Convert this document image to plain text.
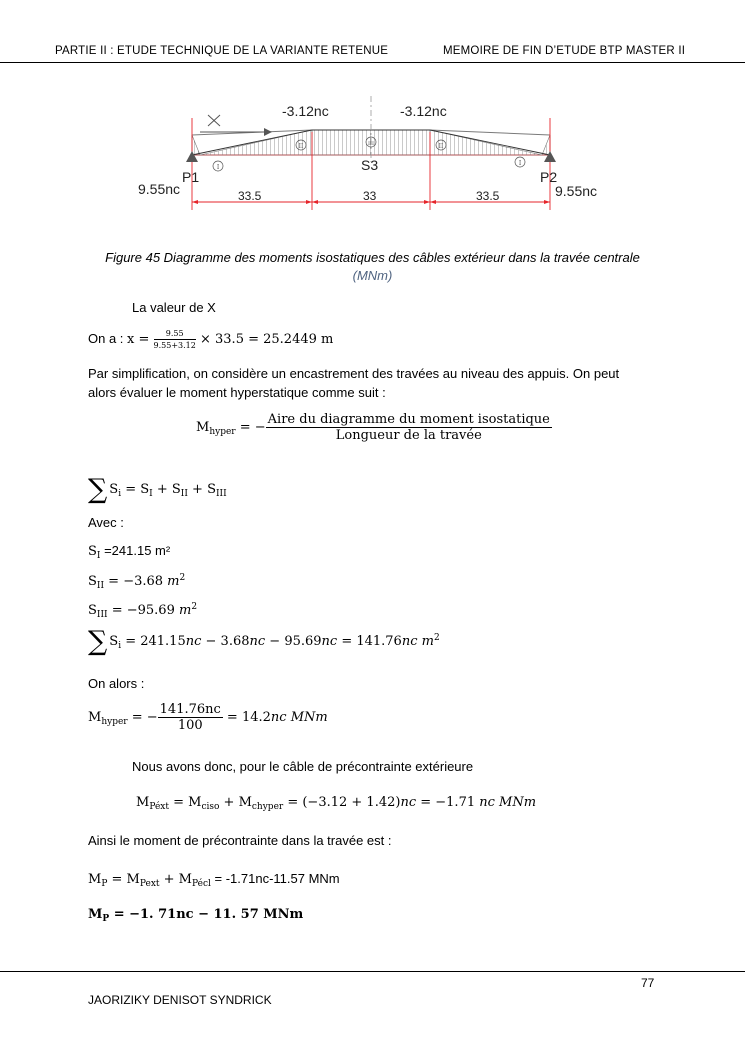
PARTIE II : ETUDE TECHNIQUE DE LA VARIANTE RETENUE	MEMOIRE DE FIN D’ETUDE BTP MASTER II
-3.12nc	-3.12nc
S3
P1	P2
9.55nc	9.55nc
33.5	33	33.5
I
II	III	II
I
Figure 45 Diagramme des moments isostatiques des câbles extérieur dans la travée centrale
(MNm)
La valeur de X
On a : $x = \frac{9.55}{9.55+3.12} \times 33.5 = 25.2449$ m
Par simplification, on considère un encastrement des travées au niveau des appuis. On peut
alors évaluer le moment hyperstatique comme suit :
$M_{hyper}$ = − $\frac{\text{Aire du diagramme du moment isostatique}}{\text{Longueur de la travée}}$
∑ $S_i = S_I + S_{II} + S_{III}$
Avec :
$S_I =241.15$ m²
$S_{II} = -3.68$ $m^2$
$S_{III} = -95.69$ $m^2$
∑ $S_i = 241.15nc - 3.68nc - 95.69nc = 141.76nc$ $m^2$
On alors :
$M_{hyper}$ = − $\frac{141.76nc}{100} = 14.2nc$ MNm
Nous avons donc, pour le câble de précontrainte extérieure
$M_{Péxt} = M_{ciso} + M_{chyper} = (-3.12 + 1.42)nc = -1.71$ nc MNm
Ainsi le moment de précontrainte dans la travée est :
$M_P = M_{Pext} + M_{Pécl} = -1.71nc-11.57$ MNm
$M_P = -1$. 71nc − 11. 57 MNm
77
JAORIZIKY DENISOT SYNDRICK
